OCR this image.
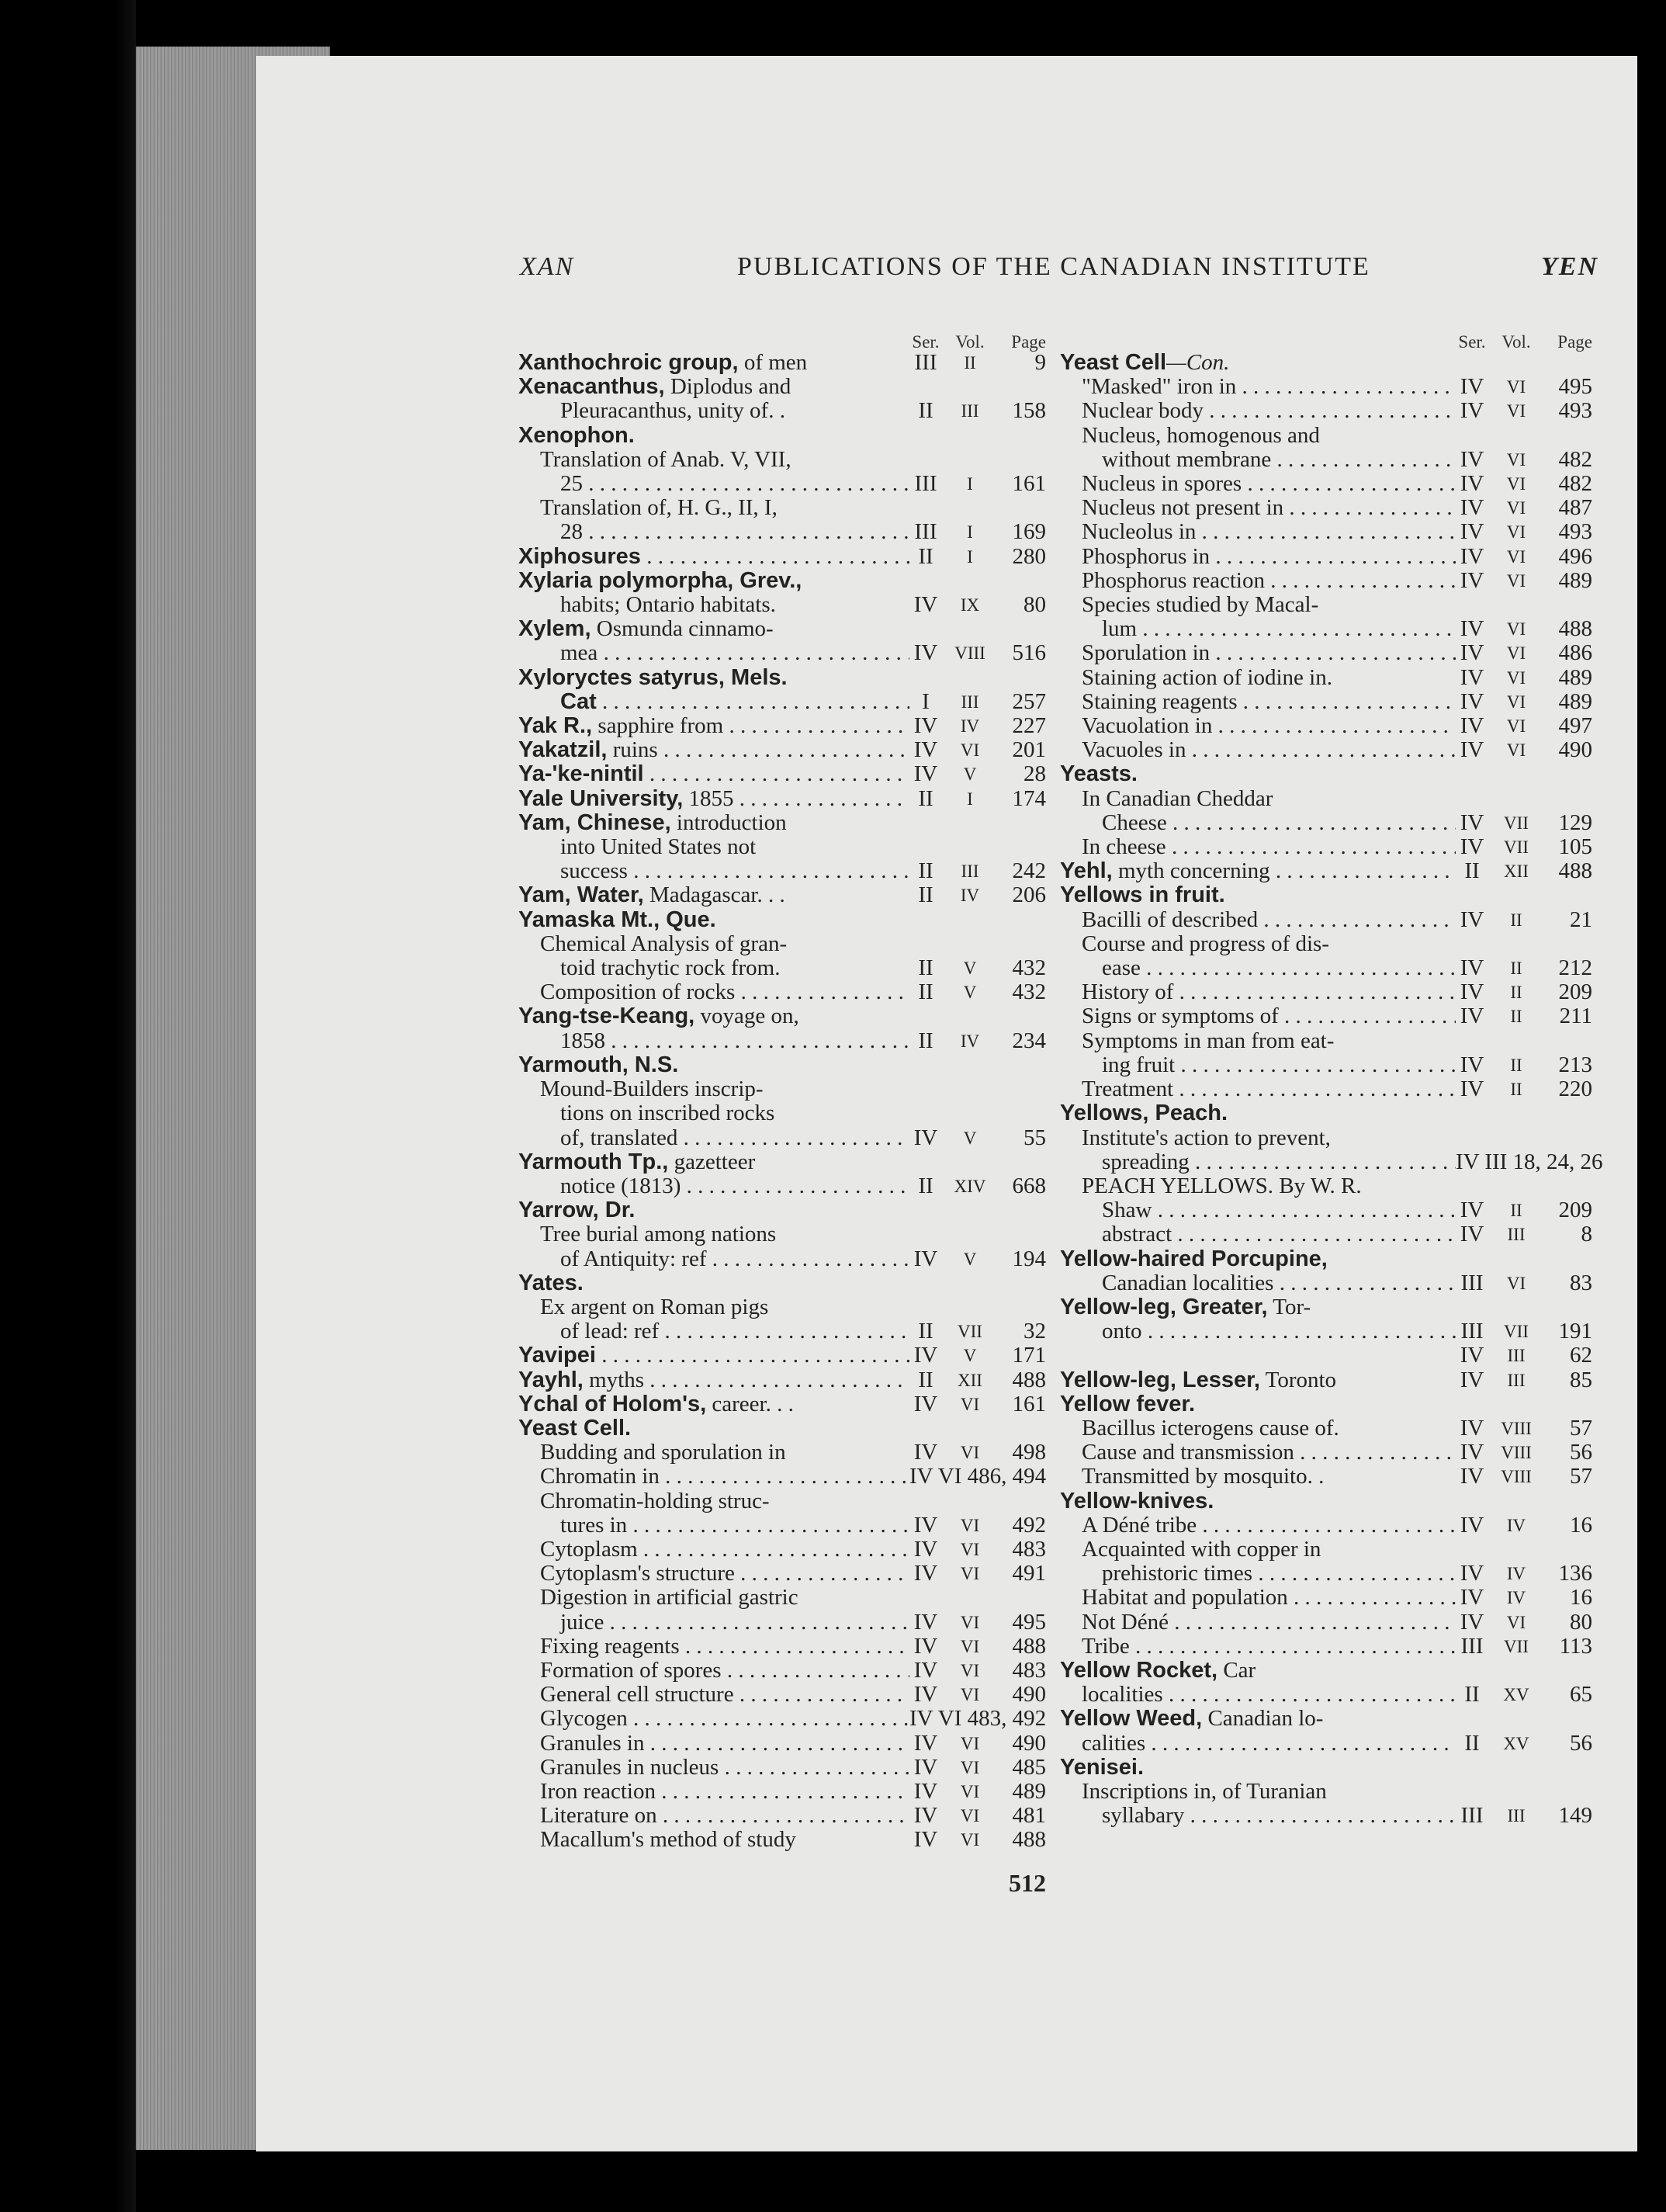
XAN	PUBLICATIONS OF THE CANADIAN INSTITUTE	YEN
Ser. Vol.	Page
Xanthochroic group, of men	III	II	9
Xenacanthus, Diplodus and
Pleuracanthus, unity of. .	II	III	158
Xenophon.
Translation of Anab. V, VII,
25 . . .	III	I	161
Translation of, H. G., II, I,
28 . . .	III	I	169
Xiphosures . . .	II	I	280
Xylaria polymorpha, Grev.,
habits; Ontario habitats.	IV	IX	80
Xylem, Osmunda cinnamo-
mea . . .	IV VIII	516
Xyloryctes satyrus, Mels.
Cat . . .	I	III	257
Yak R., sapphire from . . .	IV	IV	227
Yakatzil, ruins . . .	IV	VI	201
Ya-'ke-nintil . . .	IV	V	28
Yale University, 1855 . . .	II	I	174
Yam, Chinese, introduction
into United States not
success . . .	II	III	242
Yam, Water, Madagascar. . .	II	IV	206
Yamaska Mt., Que.
Chemical Analysis of gran-
toid trachytic rock from.	II	V	432
Composition of rocks . . .	II	V	432
Yang-tse-Keang, voyage on,
1858 . . .	II	IV	234
Yarmouth, N.S.
Mound-Builders inscrip-
tions on inscribed rocks
of, translated . . .	IV	V	55
Yarmouth Tp., gazetteer
notice (1813) . . .	II	XIV	668
Yarrow, Dr.
Tree burial among nations
of Antiquity: ref . . .	IV	V	194
Yates.
Ex argent on Roman pigs
of lead: ref . . .	II	VII	32
Yavipei . . .	IV	V	171
Yayhl, myths . . .	II	XII	488
Ychal of Holom's, career. . .	IV	VI	161
Yeast Cell.
Budding and sporulation in	IV	VI	498
Chromatin in . . .	IV VI 486, 494
Chromatin-holding struc-
tures in . . .	IV	VI	492
Cytoplasm . . .	IV	VI	483
Cytoplasm's structure . . .	IV	VI	491
Digestion in artificial gastric
juice . . .	IV	VI	495
Fixing reagents . . .	IV	VI	488
Formation of spores . . .	IV	VI	483
General cell structure . . .	IV	VI	490
Glycogen . . .	IV VI 483, 492
Granules in . . .	IV	VI	490
Granules in nucleus . . .	IV	VI	485
Iron reaction . . .	IV	VI	489
Literature on . . .	IV	VI	481
Macallum's method of study	IV	VI	488
Ser. Vol.	Page
Yeast Cell—Con.
"Masked" iron in . . .	IV	VI	495
Nuclear body . . .	IV	VI	493
Nucleus, homogenous and
without membrane . . .	IV	VI	482
Nucleus in spores . . .	IV	VI	482
Nucleus not present in . . .	IV	VI	487
Nucleolus in . . .	IV	VI	493
Phosphorus in . . .	IV	VI	496
Phosphorus reaction . . .	IV	VI	489
Species studied by Macal-
lum . . .	IV	VI	488
Sporulation in . . .	IV	VI	486
Staining action of iodine in.	IV	VI	489
Staining reagents . . .	IV	VI	489
Vacuolation in . . .	IV	VI	497
Vacuoles in . . .	IV	VI	490
Yeasts.
In Canadian Cheddar
Cheese . . .	IV	VII	129
In cheese . . .	IV	VII	105
Yehl, myth concerning . . .	II	XII	488
Yellows in fruit.
Bacilli of described . . .	IV	II	21
Course and progress of dis-
ease . . .	IV	II	212
History of . . .	IV	II	209
Signs or symptoms of . . .	IV	II	211
Symptoms in man from eat-
ing fruit . . .	IV	II	213
Treatment . . .	IV	II	220
Yellows, Peach.
Institute's action to prevent,
spreading . . .	IV III 18, 24, 26
PEACH YELLOWS. By W. R.
Shaw . . .	IV	II	209
abstract . . .	IV	III	8
Yellow-haired Porcupine,
Canadian localities . . .	III	VI	83
Yellow-leg, Greater, Tor-
onto . . .	III	VII	191
IV	III	62
Yellow-leg, Lesser, Toronto	IV	III	85
Yellow fever.
Bacillus icterogens cause of.	IV VIII	57
Cause and transmission . . .	IV VIII	56
Transmitted by mosquito. .	IV VIII	57
Yellow-knives.
A Déné tribe . . .	IV	IV	16
Acquainted with copper in
prehistoric times . . .	IV	IV	136
Habitat and population . . .	IV	IV	16
Not Déné . . .	IV	VI	80
Tribe . . .	III	VII	113
Yellow Rocket, Car
localities . . .	II	XV	65
Yellow Weed, Canadian lo-
calities . . .	II	XV	56
Yenisei.
Inscriptions in, of Turanian
syllabary . . .	III	III	149
512
